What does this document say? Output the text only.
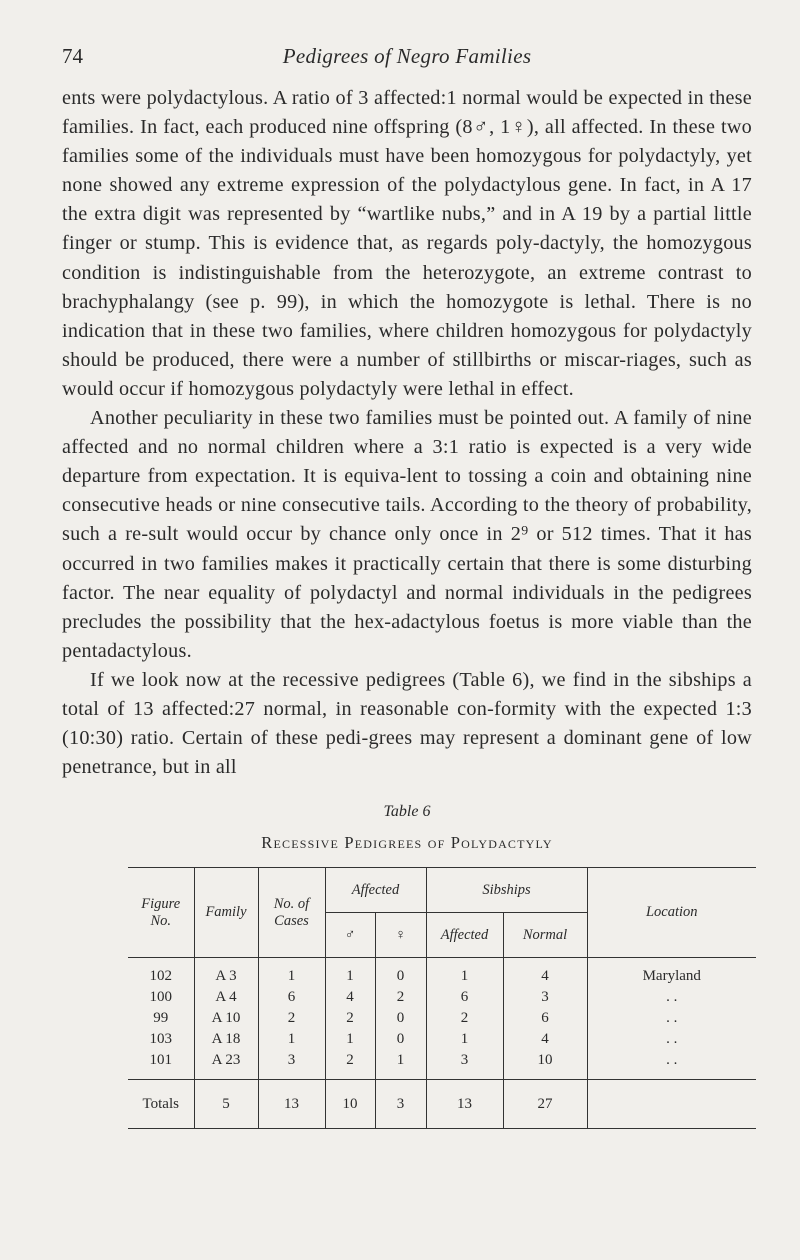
74	Pedigrees of Negro Families

ents were polydactylous. A ratio of 3 affected:1 normal would be expected in these families. In fact, each produced nine offspring (8♂, 1♀), all affected. In these two families some of the individuals must have been homozygous for polydactyly, yet none showed any extreme expression of the polydactylous gene. In fact, in A 17 the extra digit was represented by “wartlike nubs,” and in A 19 by a partial little finger or stump. This is evidence that, as regards poly-dactyly, the homozygous condition is indistinguishable from the heterozygote, an extreme contrast to brachyphalangy (see p. 99), in which the homozygote is lethal. There is no indication that in these two families, where children homozygous for polydactyly should be produced, there were a number of stillbirths or miscar-riages, such as would occur if homozygous polydactyly were lethal in effect.

Another peculiarity in these two families must be pointed out. A family of nine affected and no normal children where a 3:1 ratio is expected is a very wide departure from expectation. It is equiva-lent to tossing a coin and obtaining nine consecutive heads or nine consecutive tails. According to the theory of probability, such a re-sult would occur by chance only once in 2⁹ or 512 times. That it has occurred in two families makes it practically certain that there is some disturbing factor. The near equality of polydactyl and normal individuals in the pedigrees precludes the possibility that the hex-adactylous foetus is more viable than the pentadactylous.

If we look now at the recessive pedigrees (Table 6), we find in the sibships a total of 13 affected:27 normal, in reasonable con-formity with the expected 1:3 (10:30) ratio. Certain of these pedi-grees may represent a dominant gene of low penetrance, but in all

Table 6
Recessive Pedigrees of Polydactyly
Figure No.	Family	No. of Cases	Affected		Sibships		Location
			♂	♀	Affected	Normal	
102	A 3	1	1	0	1	4	Maryland
100	A 4	6	4	2	6	3	. .
99	A 10	2	2	0	2	6	. .
103	A 18	1	1	0	1	4	. .
101	A 23	3	2	1	3	10	. .
Totals	5	13	10	3	13	27	
